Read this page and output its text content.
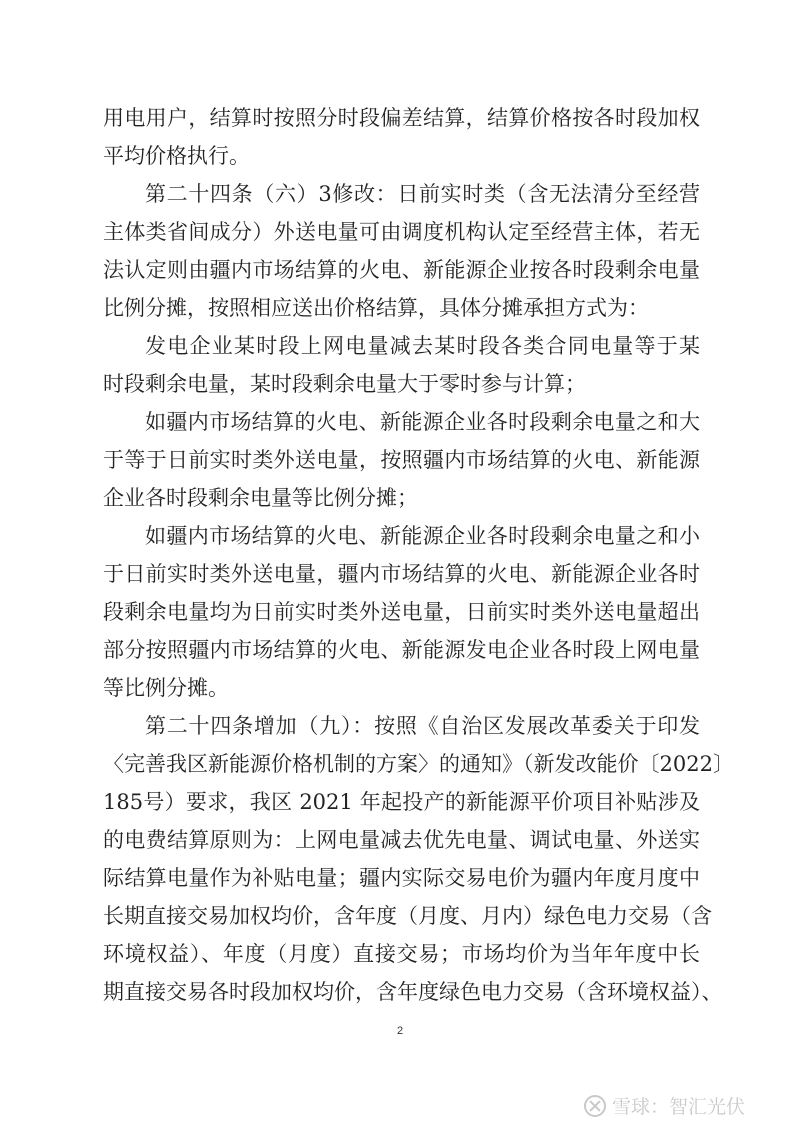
用电用户，结算时按照分时段偏差结算，结算价格按各时段加权
平均价格执行。
第二十四条（六）3修改：日前实时类（含无法清分至经营
主体类省间成分）外送电量可由调度机构认定至经营主体，若无
法认定则由疆内市场结算的火电、新能源企业按各时段剩余电量
比例分摊，按照相应送出价格结算，具体分摊承担方式为：
发电企业某时段上网电量减去某时段各类合同电量等于某
时段剩余电量，某时段剩余电量大于零时参与计算；
如疆内市场结算的火电、新能源企业各时段剩余电量之和大
于等于日前实时类外送电量，按照疆内市场结算的火电、新能源
企业各时段剩余电量等比例分摊；
如疆内市场结算的火电、新能源企业各时段剩余电量之和小
于日前实时类外送电量，疆内市场结算的火电、新能源企业各时
段剩余电量均为日前实时类外送电量，日前实时类外送电量超出
部分按照疆内市场结算的火电、新能源发电企业各时段上网电量
等比例分摊。
第二十四条增加（九）：按照《自治区发展改革委关于印发
〈完善我区新能源价格机制的方案〉的通知》（新发改能价〔2022〕
185号）要求，我区 2021 年起投产的新能源平价项目补贴涉及
的电费结算原则为：上网电量减去优先电量、调试电量、外送实
际结算电量作为补贴电量；疆内实际交易电价为疆内年度月度中
长期直接交易加权均价，含年度（月度、月内）绿色电力交易（含
环境权益）、年度（月度）直接交易；市场均价为当年年度中长
期直接交易各时段加权均价，含年度绿色电力交易（含环境权益）、
2
雪球：智汇光伏
